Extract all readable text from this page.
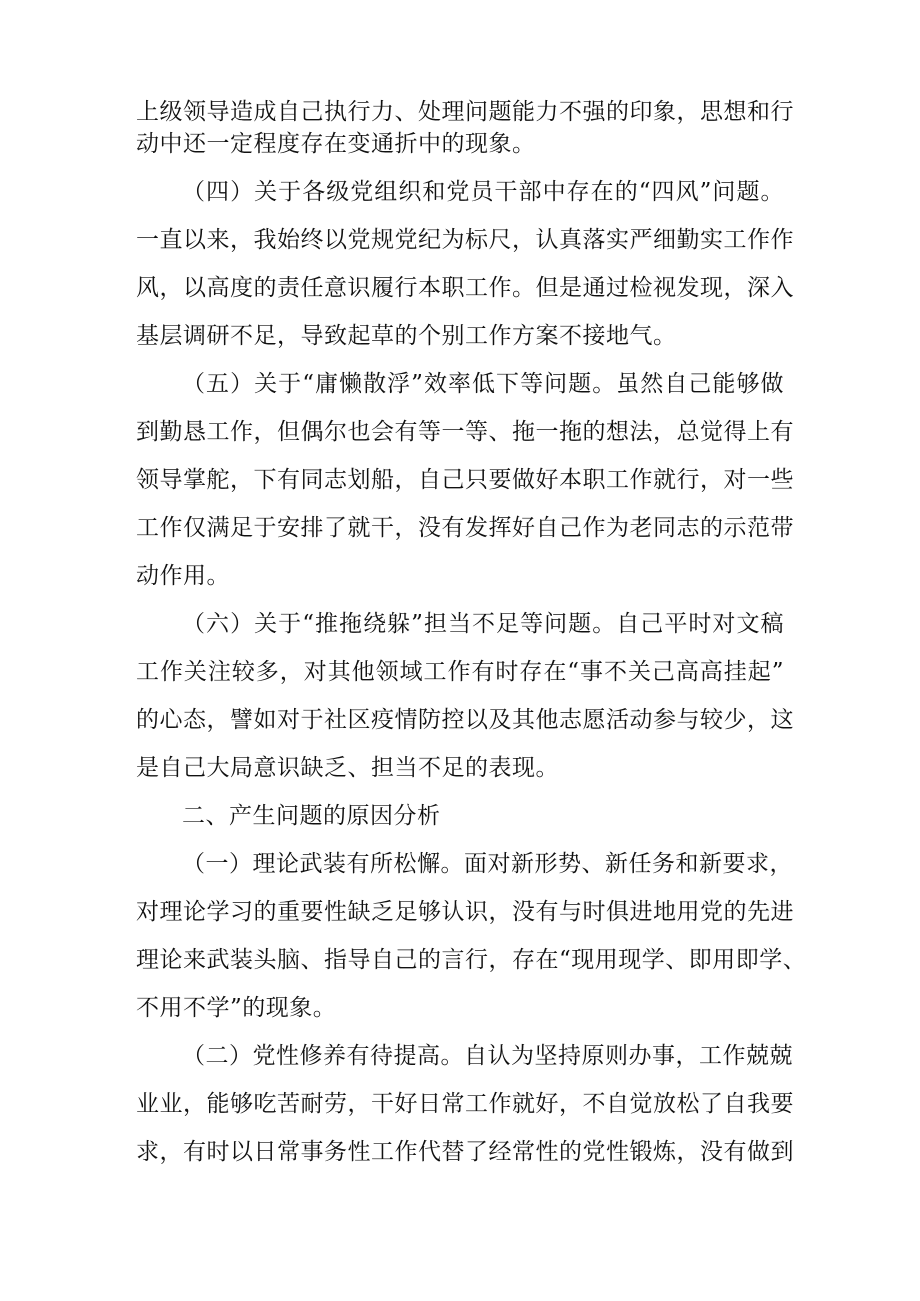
上级领导造成自己执行力、处理问题能力不强的印象，思想和行

动中还一定程度存在变通折中的现象。

（四）关于各级党组织和党员干部中存在的“四风”问题。

一直以来，我始终以党规党纪为标尺，认真落实严细勤实工作作

风，以高度的责任意识履行本职工作。但是通过检视发现，深入

基层调研不足，导致起草的个别工作方案不接地气。

（五）关于“庸懒散浮”效率低下等问题。虽然自己能够做

到勤恳工作，但偶尔也会有等一等、拖一拖的想法，总觉得上有

领导掌舵，下有同志划船，自己只要做好本职工作就行，对一些

工作仅满足于安排了就干，没有发挥好自己作为老同志的示范带

动作用。

（六）关于“推拖绕躲”担当不足等问题。自己平时对文稿

工作关注较多，对其他领域工作有时存在“事不关己高高挂起”

的心态，譬如对于社区疫情防控以及其他志愿活动参与较少，这

是自己大局意识缺乏、担当不足的表现。

二、产生问题的原因分析

（一）理论武装有所松懈。面对新形势、新任务和新要求，

对理论学习的重要性缺乏足够认识，没有与时俱进地用党的先进

理论来武装头脑、指导自己的言行，存在“现用现学、即用即学、

不用不学”的现象。

（二）党性修养有待提高。自认为坚持原则办事，工作兢兢

业业，能够吃苦耐劳，干好日常工作就好，不自觉放松了自我要

求，有时以日常事务性工作代替了经常性的党性锻炼，没有做到
